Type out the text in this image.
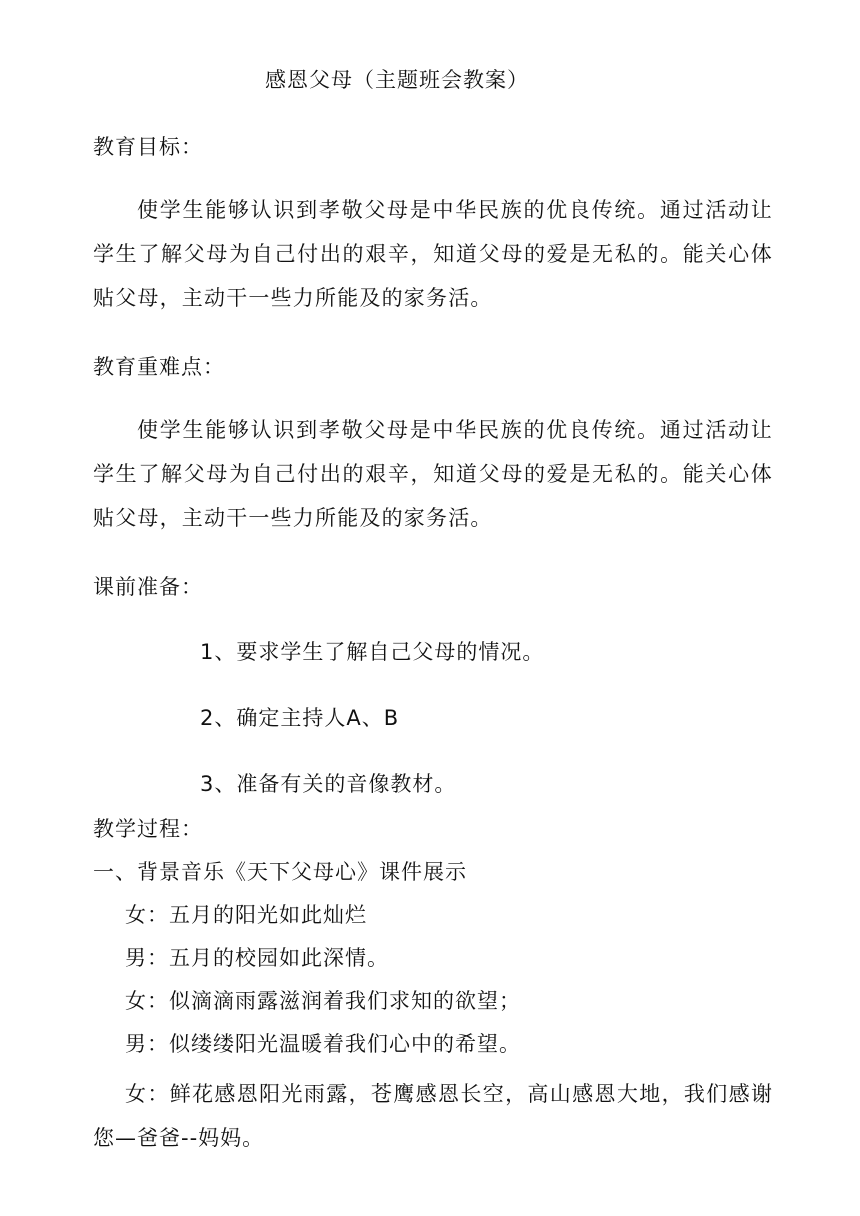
感恩父母（主题班会教案）
教育目标：
使学生能够认识到孝敬父母是中华民族的优良传统。通过活动让学生了解父母为自己付出的艰辛，知道父母的爱是无私的。能关心体贴父母，主动干一些力所能及的家务活。
教育重难点：
使学生能够认识到孝敬父母是中华民族的优良传统。通过活动让学生了解父母为自己付出的艰辛，知道父母的爱是无私的。能关心体贴父母，主动干一些力所能及的家务活。
课前准备：
1、要求学生了解自己父母的情况。
2、确定主持人A、B
3、准备有关的音像教材。
教学过程：
一、背景音乐《天下父母心》课件展示
女：五月的阳光如此灿烂
男：五月的校园如此深情。
女：似滴滴雨露滋润着我们求知的欲望；
男：似缕缕阳光温暖着我们心中的希望。
女：鲜花感恩阳光雨露，苍鹰感恩长空，高山感恩大地，我们感谢您—爸爸--妈妈。
